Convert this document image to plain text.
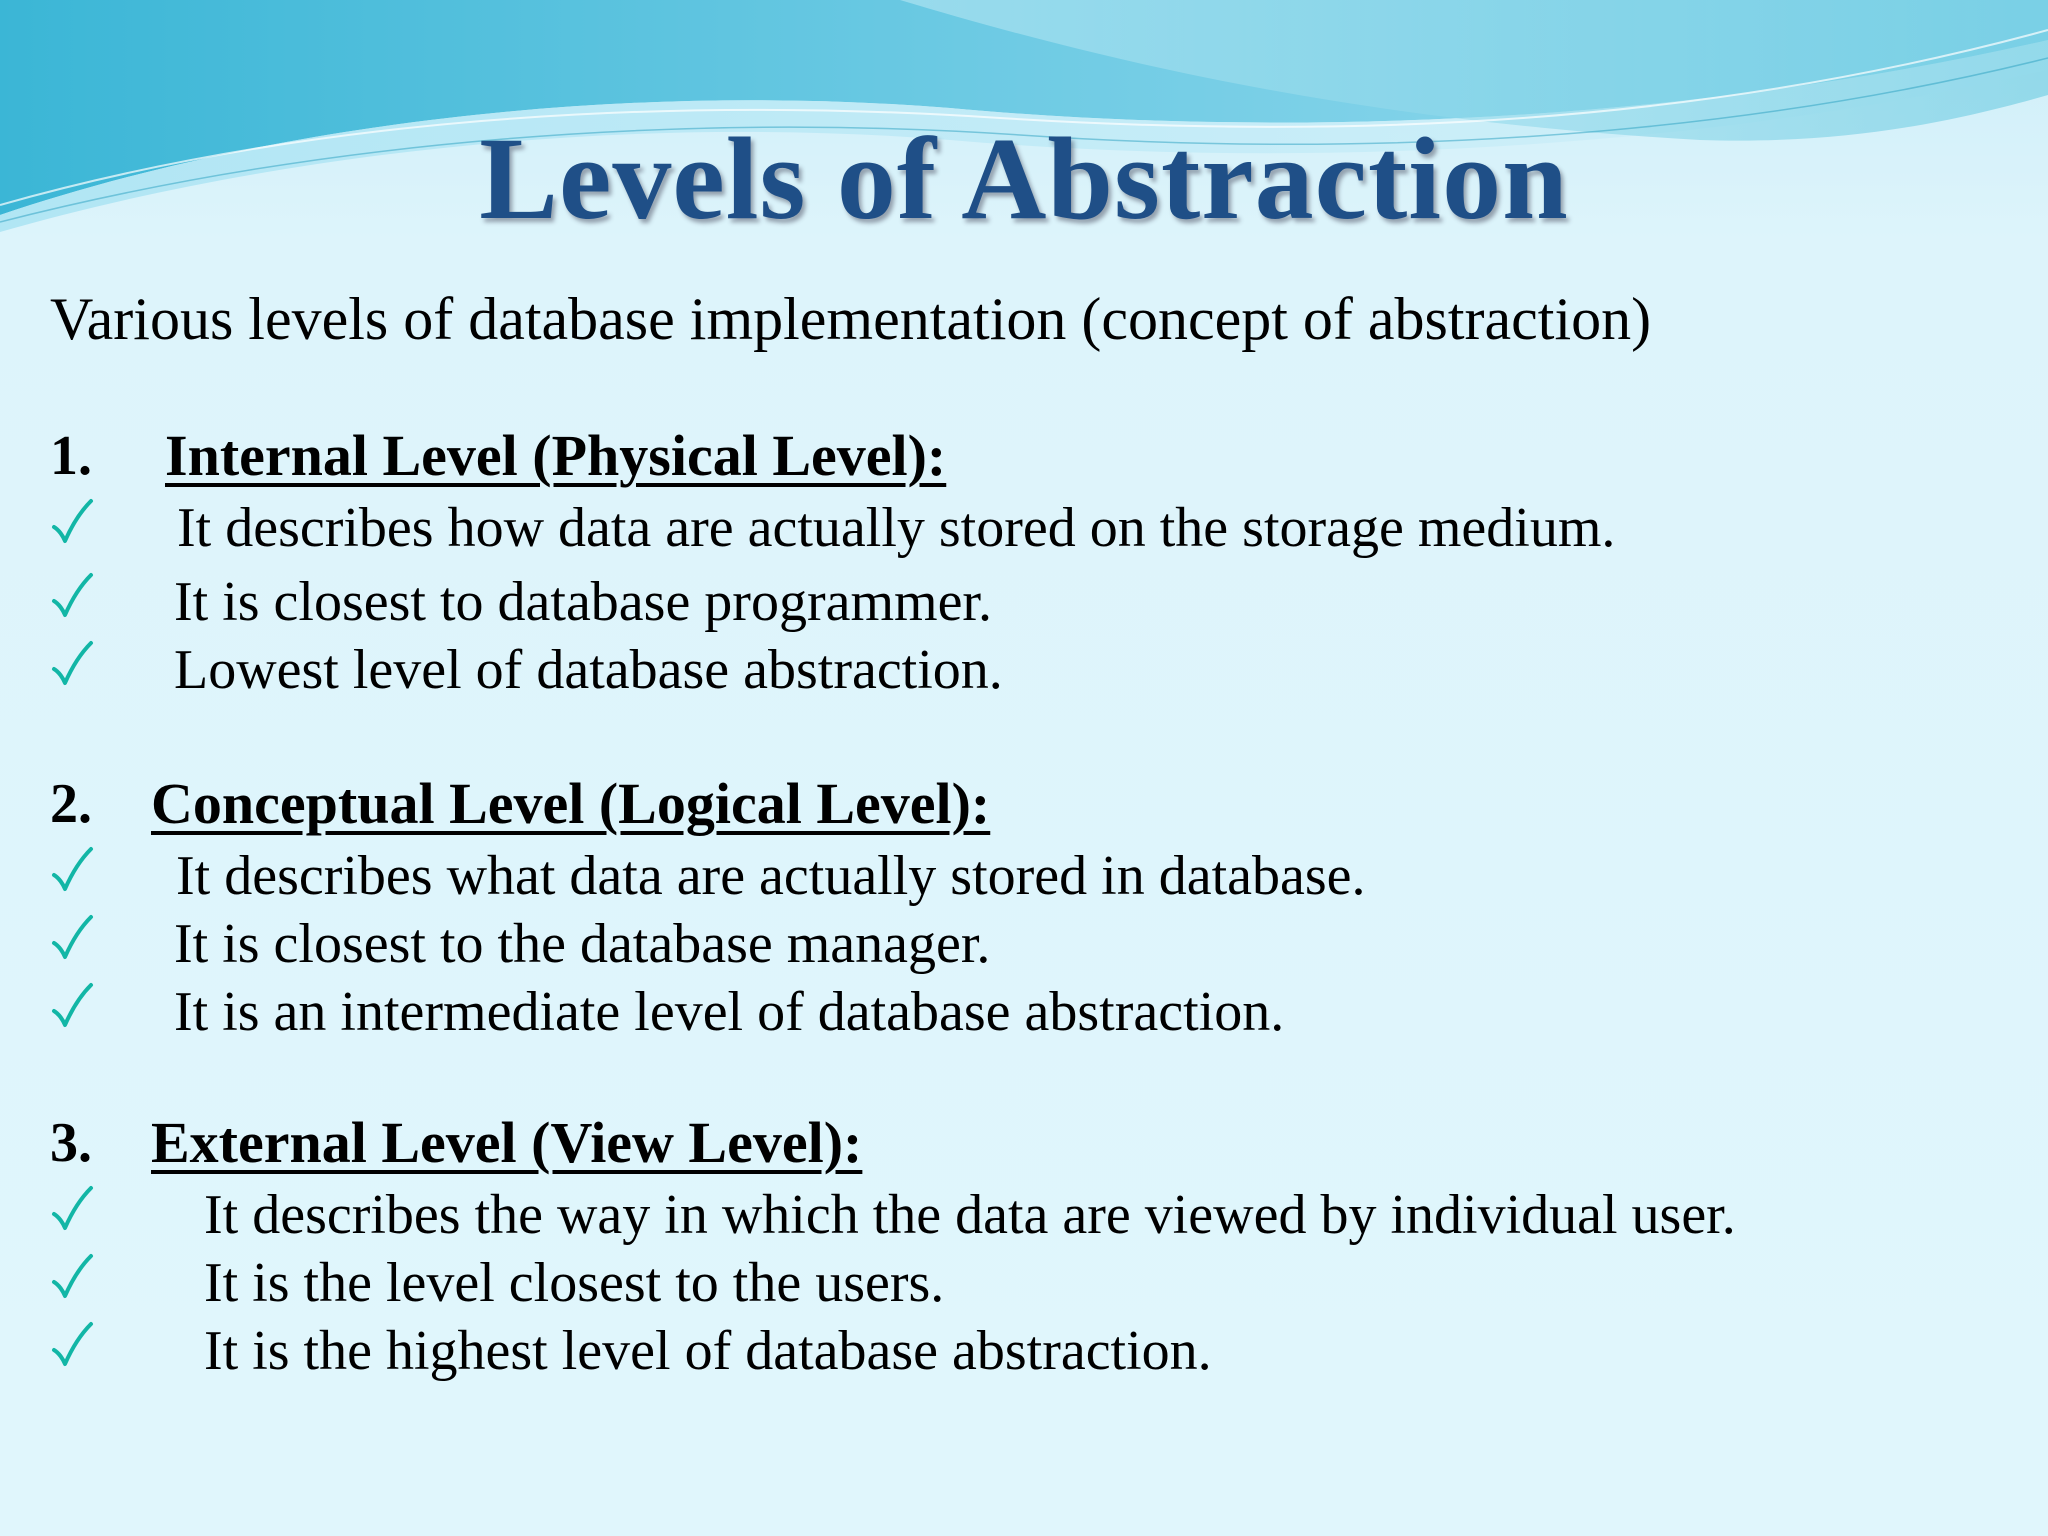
Levels of Abstraction

Various levels of database implementation (concept of abstraction)

1. Internal Level (Physical Level):
It describes how data are actually stored on the storage medium.
It is closest to database programmer.
Lowest level of database abstraction.
2. Conceptual Level (Logical Level):
It describes what data are actually stored in database.
It is closest to the database manager.
It is an intermediate level of database abstraction.
3. External Level (View Level):
It describes the way in which the data are viewed by individual user.
It is the level closest to the users.
It is the highest level of database abstraction.
